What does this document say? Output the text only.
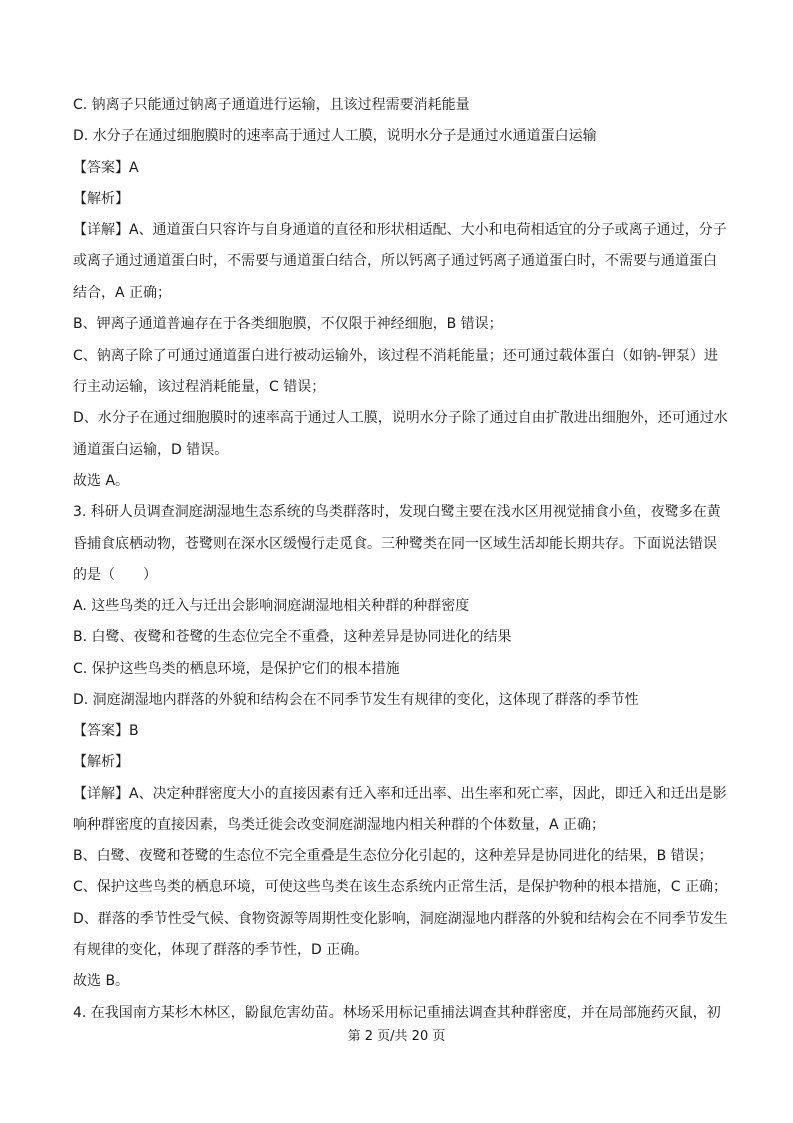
C. 钠离子只能通过钠离子通道进行运输，且该过程需要消耗能量
D. 水分子在通过细胞膜时的速率高于通过人工膜，说明水分子是通过水通道蛋白运输
【答案】A
【解析】
【详解】A、通道蛋白只容许与自身通道的直径和形状相适配、大小和电荷相适宜的分子或离子通过，分子
或离子通过通道蛋白时，不需要与通道蛋白结合，所以钙离子通过钙离子通道蛋白时，不需要与通道蛋白
结合，A 正确；
B、钾离子通道普遍存在于各类细胞膜，不仅限于神经细胞，B 错误；
C、钠离子除了可通过通道蛋白进行被动运输外，该过程不消耗能量；还可通过载体蛋白（如钠-钾泵）进
行主动运输，该过程消耗能量，C 错误；
D、水分子在通过细胞膜时的速率高于通过人工膜，说明水分子除了通过自由扩散进出细胞外，还可通过水
通道蛋白运输，D 错误。
故选 A。
3. 科研人员调查洞庭湖湿地生态系统的鸟类群落时，发现白鹭主要在浅水区用视觉捕食小鱼，夜鹭多在黄
昏捕食底栖动物，苍鹭则在深水区缓慢行走觅食。三种鹭类在同一区域生活却能长期共存。下面说法错误
的是（　　）
A. 这些鸟类的迁入与迁出会影响洞庭湖湿地相关种群的种群密度
B. 白鹭、夜鹭和苍鹭的生态位完全不重叠，这种差异是协同进化的结果
C. 保护这些鸟类的栖息环境，是保护它们的根本措施
D. 洞庭湖湿地内群落的外貌和结构会在不同季节发生有规律的变化，这体现了群落的季节性
【答案】B
【解析】
【详解】A、决定种群密度大小的直接因素有迁入率和迁出率、出生率和死亡率，因此，即迁入和迁出是影
响种群密度的直接因素，鸟类迁徙会改变洞庭湖湿地内相关种群的个体数量，A 正确；
B、白鹭、夜鹭和苍鹭的生态位不完全重叠是生态位分化引起的，这种差异是协同进化的结果，B 错误；
C、保护这些鸟类的栖息环境，可使这些鸟类在该生态系统内正常生活，是保护物种的根本措施，C 正确；
D、群落的季节性受气候、食物资源等周期性变化影响，洞庭湖湿地内群落的外貌和结构会在不同季节发生
有规律的变化，体现了群落的季节性，D 正确。
故选 B。
4. 在我国南方某杉木林区，鼢鼠危害幼苗。林场采用标记重捕法调查其种群密度，并在局部施药灭鼠，初
第 2 页/共 20 页
